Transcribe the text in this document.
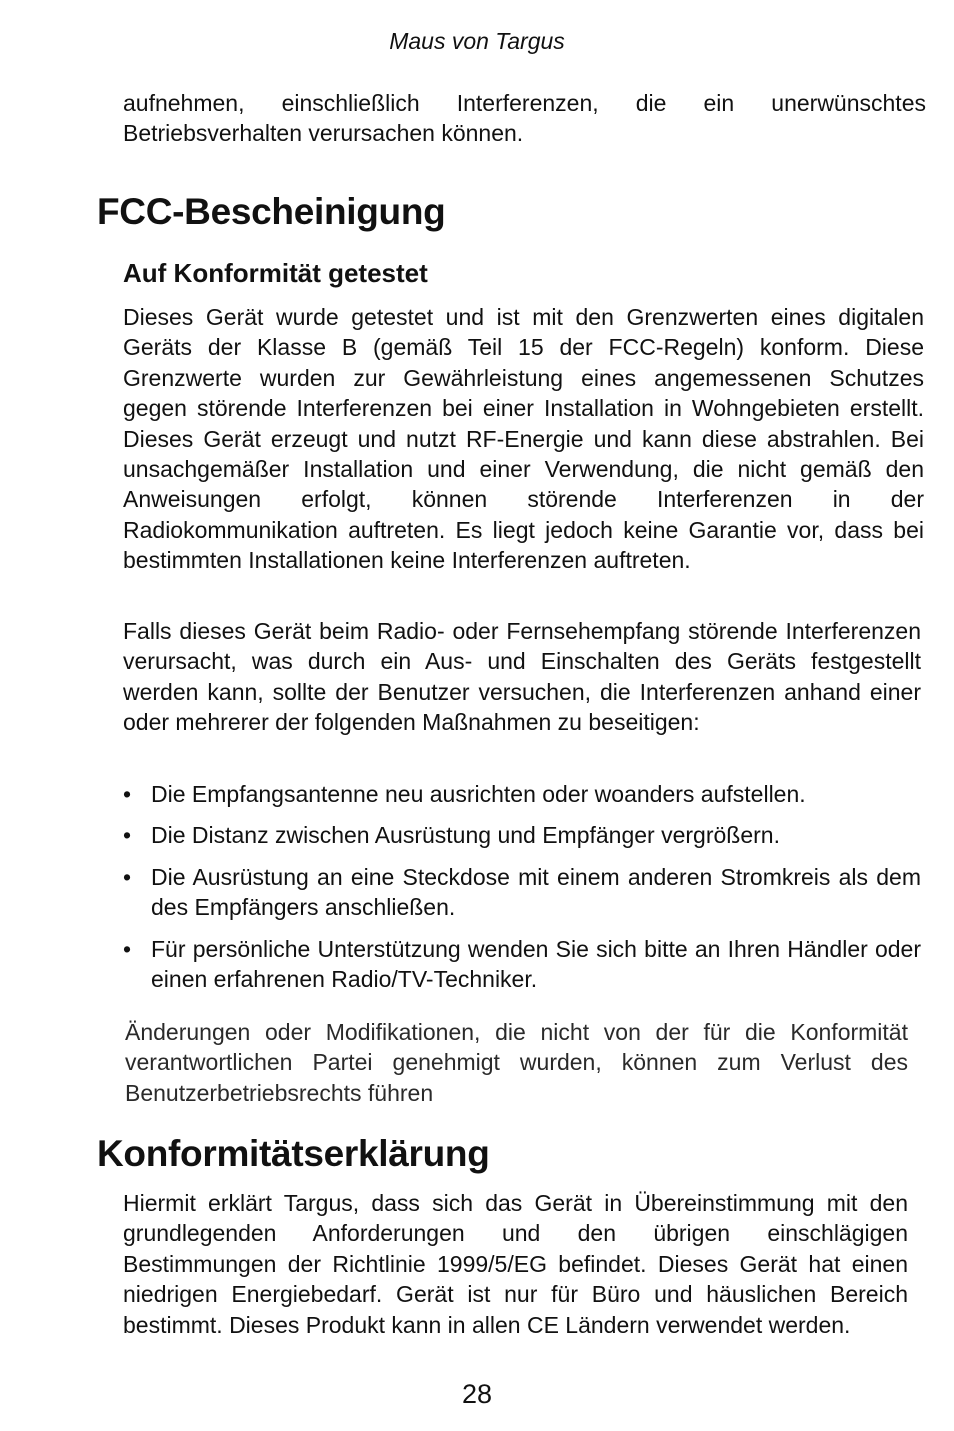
Maus von Targus

aufnehmen, einschließlich Interferenzen, die ein unerwünschtes Betriebsverhalten verursachen können.

FCC-Bescheinigung
Auf Konformität getestet

Dieses Gerät wurde getestet und ist mit den Grenzwerten eines digitalen Geräts der Klasse B (gemäß Teil 15 der FCC-Regeln) konform. Diese Grenzwerte wurden zur Gewährleistung eines angemessenen Schutzes gegen störende Interferenzen bei einer Installation in Wohngebieten erstellt. Dieses Gerät erzeugt und nutzt RF-Energie und kann diese abstrahlen. Bei unsachgemäßer Installation und einer Verwendung, die nicht gemäß den Anweisungen erfolgt, können störende Interferenzen in der Radiokommunikation auftreten. Es liegt jedoch keine Garantie vor, dass bei bestimmten Installationen keine Interferenzen auftreten.

Falls dieses Gerät beim Radio- oder Fernsehempfang störende Interferenzen verursacht, was durch ein Aus- und Einschalten des Geräts festgestellt werden kann, sollte der Benutzer versuchen, die Interferenzen anhand einer oder mehrerer der folgenden Maßnahmen zu beseitigen:

• Die Empfangsantenne neu ausrichten oder woanders aufstellen.
• Die Distanz zwischen Ausrüstung und Empfänger vergrößern.
• Die Ausrüstung an eine Steckdose mit einem anderen Stromkreis als dem des Empfängers anschließen.
• Für persönliche Unterstützung wenden Sie sich bitte an Ihren Händler oder einen erfahrenen Radio/TV-Techniker.

Änderungen oder Modifikationen, die nicht von der für die Konformität verantwortlichen Partei genehmigt wurden, können zum Verlust des Benutzerbetriebsrechts führen

Konformitätserklärung

Hiermit erklärt Targus, dass sich das Gerät in Übereinstimmung mit den grundlegenden Anforderungen und den übrigen einschlägigen Bestimmungen der Richtlinie 1999/5/EG befindet. Dieses Gerät hat einen niedrigen Energiebedarf. Gerät ist nur für Büro und häuslichen Bereich bestimmt. Dieses Produkt kann in allen CE Ländern verwendet werden.

28
